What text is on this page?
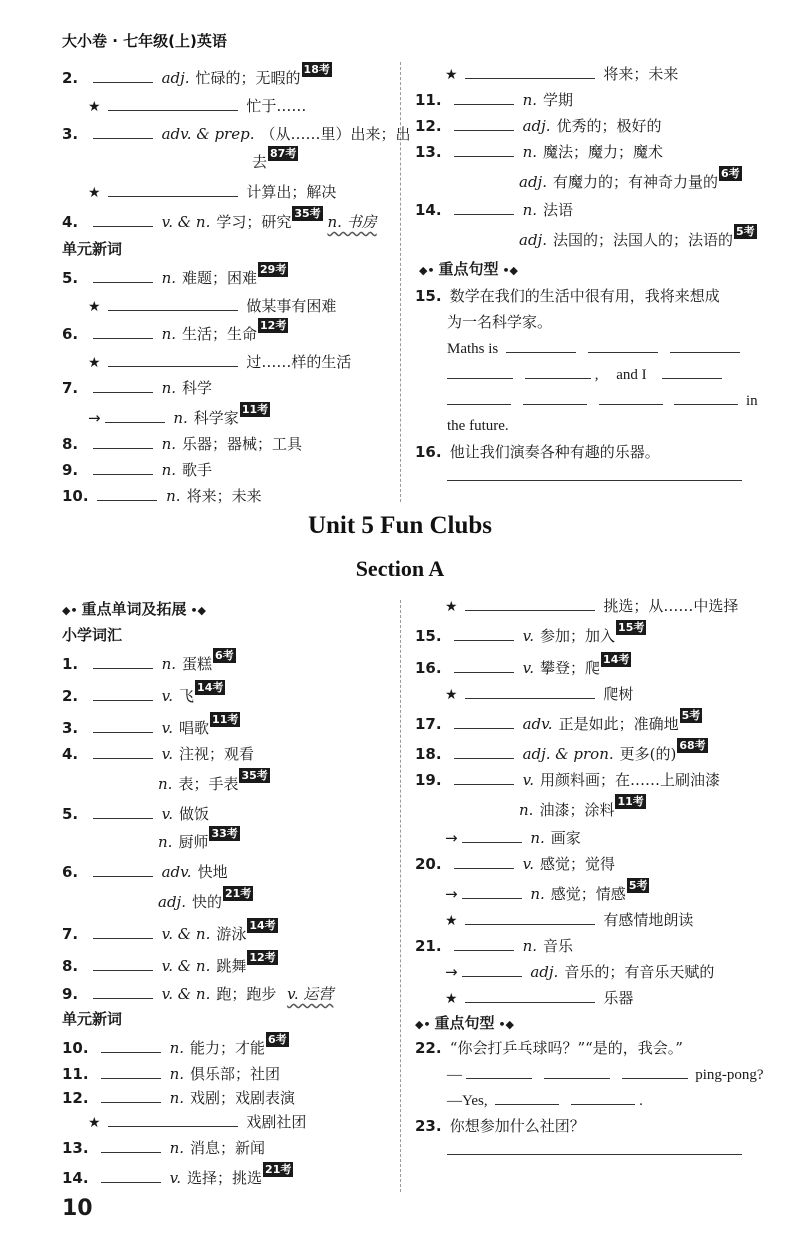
大小卷 · 七年级(上)英语
2.	adj. 忙碌的；无暇的 18考
★	忙于……
3.	adv. & prep. （从……里）出来；出
去 87考
★	计算出；解决
4.	v. & n. 学习；研究 35考 n. 书房
单元新词
5.	n. 难题；困难 29考
★	做某事有困难
6.	n. 生活；生命 12考
★	过……样的生活
7.	n. 科学
→	n. 科学家 11考
8.	n. 乐器；器械；工具
9.	n. 歌手
10.	n. 将来；未来
★	将来；未来
11.	n. 学期
12.	adj. 优秀的；极好的
13.	n. 魔法；魔力；魔术
adj. 有魔力的；有神奇力量的 6考
14.	n. 法语
adj. 法国的；法国人的；法语的 5考
◆• 重点句型 •◆
15. 数学在我们的生活中很有用，我将来想成
为一名科学家。
Maths is
, and I
in
the future.
16. 他让我们演奏各种有趣的乐器。
Unit 5 Fun Clubs
Section A
◆• 重点单词及拓展 •◆
小学词汇
1.	n. 蛋糕 6考
2.	v. 飞 14考
3.	v. 唱歌 11考
4.	v. 注视；观看
n. 表；手表 35考
5.	v. 做饭
n. 厨师 33考
6.	adv. 快地
adj. 快的 21考
7.	v. & n. 游泳 14考
8.	v. & n. 跳舞 12考
9.	v. & n. 跑；跑步 v. 运营
单元新词
10.	n. 能力；才能 6考
11.	n. 俱乐部；社团
12.	n. 戏剧；戏剧表演
★	戏剧社团
13.	n. 消息；新闻
14.	v. 选择；挑选 21考
★	挑选；从……中选择
15.	v. 参加；加入 15考
16.	v. 攀登；爬 14考
★	爬树
17.	adv. 正是如此；准确地 5考
18.	adj. & pron. 更多(的) 68考
19.	v. 用颜料画；在……上刷油漆
n. 油漆；涂料 11考
→	n. 画家
20.	v. 感觉；觉得
→	n. 感觉；情感 5考
★	有感情地朗读
21.	n. 音乐
→	adj. 音乐的；有音乐天赋的
★	乐器
◆• 重点句型 •◆
22. “你会打乒乓球吗？”“是的，我会。”
—	ping-pong?
—Yes,	.
23. 你想参加什么社团？
10
